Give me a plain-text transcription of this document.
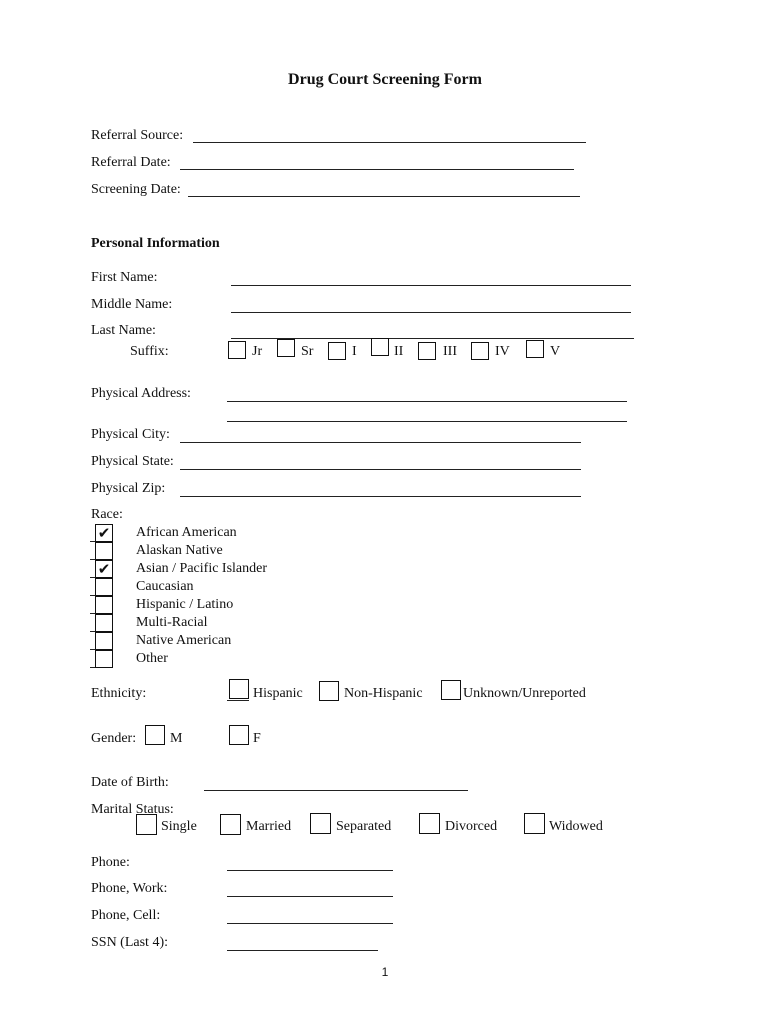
Drug Court Screening Form
Referral Source:
Referral Date:
Screening Date:
Personal Information
First Name:
Middle Name:
Last Name:
Suffix:	Jr	Sr	I	II	III	IV	V
Physical Address:
Physical City:
Physical State:
Physical Zip:
Race:
✔ African American
Alaskan Native
✔ Asian / Pacific Islander
Caucasian
Hispanic / Latino
Multi-Racial
Native American
Other
Ethnicity:	Hispanic	Non-Hispanic	Unknown/Unreported
Gender: M	F
Date of Birth:
Marital Status:
Single	Married	Separated	Divorced	Widowed
Phone:
Phone, Work:
Phone, Cell:
SSN (Last 4):
1
